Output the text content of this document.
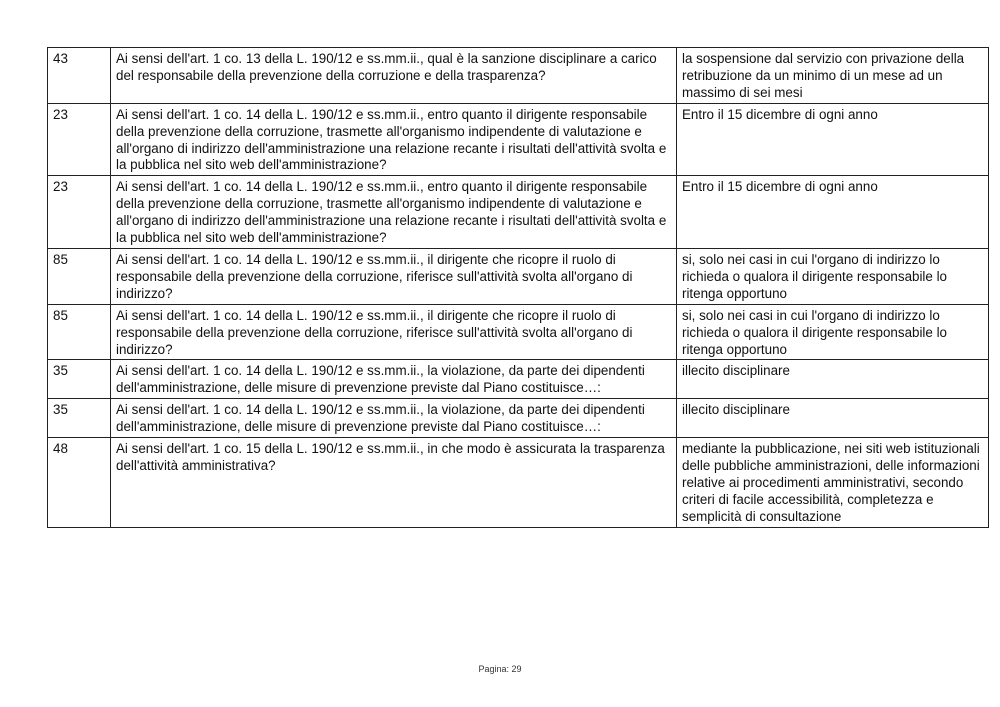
43	Ai sensi dell'art. 1 co. 13 della L. 190/12 e ss.mm.ii., qual è la sanzione disciplinare a carico del responsabile della prevenzione della corruzione e della trasparenza?	la sospensione dal servizio con privazione della retribuzione da un minimo di un mese ad un massimo di sei mesi
23	Ai sensi dell'art. 1 co. 14 della L. 190/12 e ss.mm.ii., entro quanto il dirigente responsabile della prevenzione della corruzione, trasmette all'organismo indipendente di valutazione e all'organo di indirizzo dell'amministrazione una relazione recante i risultati dell'attività svolta e la pubblica nel sito web dell'amministrazione?	Entro il 15 dicembre di ogni anno
23	Ai sensi dell'art. 1 co. 14 della L. 190/12 e ss.mm.ii., entro quanto il dirigente responsabile della prevenzione della corruzione, trasmette all'organismo indipendente di valutazione e all'organo di indirizzo dell'amministrazione una relazione recante i risultati dell'attività svolta e la pubblica nel sito web dell'amministrazione?	Entro il 15 dicembre di ogni anno
85	Ai sensi dell'art. 1 co. 14 della L. 190/12 e ss.mm.ii., il dirigente che ricopre il ruolo di responsabile della prevenzione della corruzione, riferisce sull'attività svolta all'organo di indirizzo?	si, solo nei casi in cui l'organo di indirizzo lo richieda o qualora il dirigente responsabile lo ritenga opportuno
85	Ai sensi dell'art. 1 co. 14 della L. 190/12 e ss.mm.ii., il dirigente che ricopre il ruolo di responsabile della prevenzione della corruzione, riferisce sull'attività svolta all'organo di indirizzo?	si, solo nei casi in cui l'organo di indirizzo lo richieda o qualora il dirigente responsabile lo ritenga opportuno
35	Ai sensi dell'art. 1 co. 14 della L. 190/12 e ss.mm.ii., la violazione, da parte dei dipendenti dell'amministrazione, delle misure di prevenzione previste dal Piano costituisce…:	illecito disciplinare
35	Ai sensi dell'art. 1 co. 14 della L. 190/12 e ss.mm.ii., la violazione, da parte dei dipendenti dell'amministrazione, delle misure di prevenzione previste dal Piano costituisce…:	illecito disciplinare
48	Ai sensi dell'art. 1 co. 15 della L. 190/12 e ss.mm.ii., in che modo è assicurata la trasparenza dell'attività amministrativa?	mediante la pubblicazione, nei siti web istituzionali delle pubbliche amministrazioni, delle informazioni relative ai procedimenti amministrativi, secondo criteri di facile accessibilità, completezza e semplicità di consultazione
Pagina: 29
